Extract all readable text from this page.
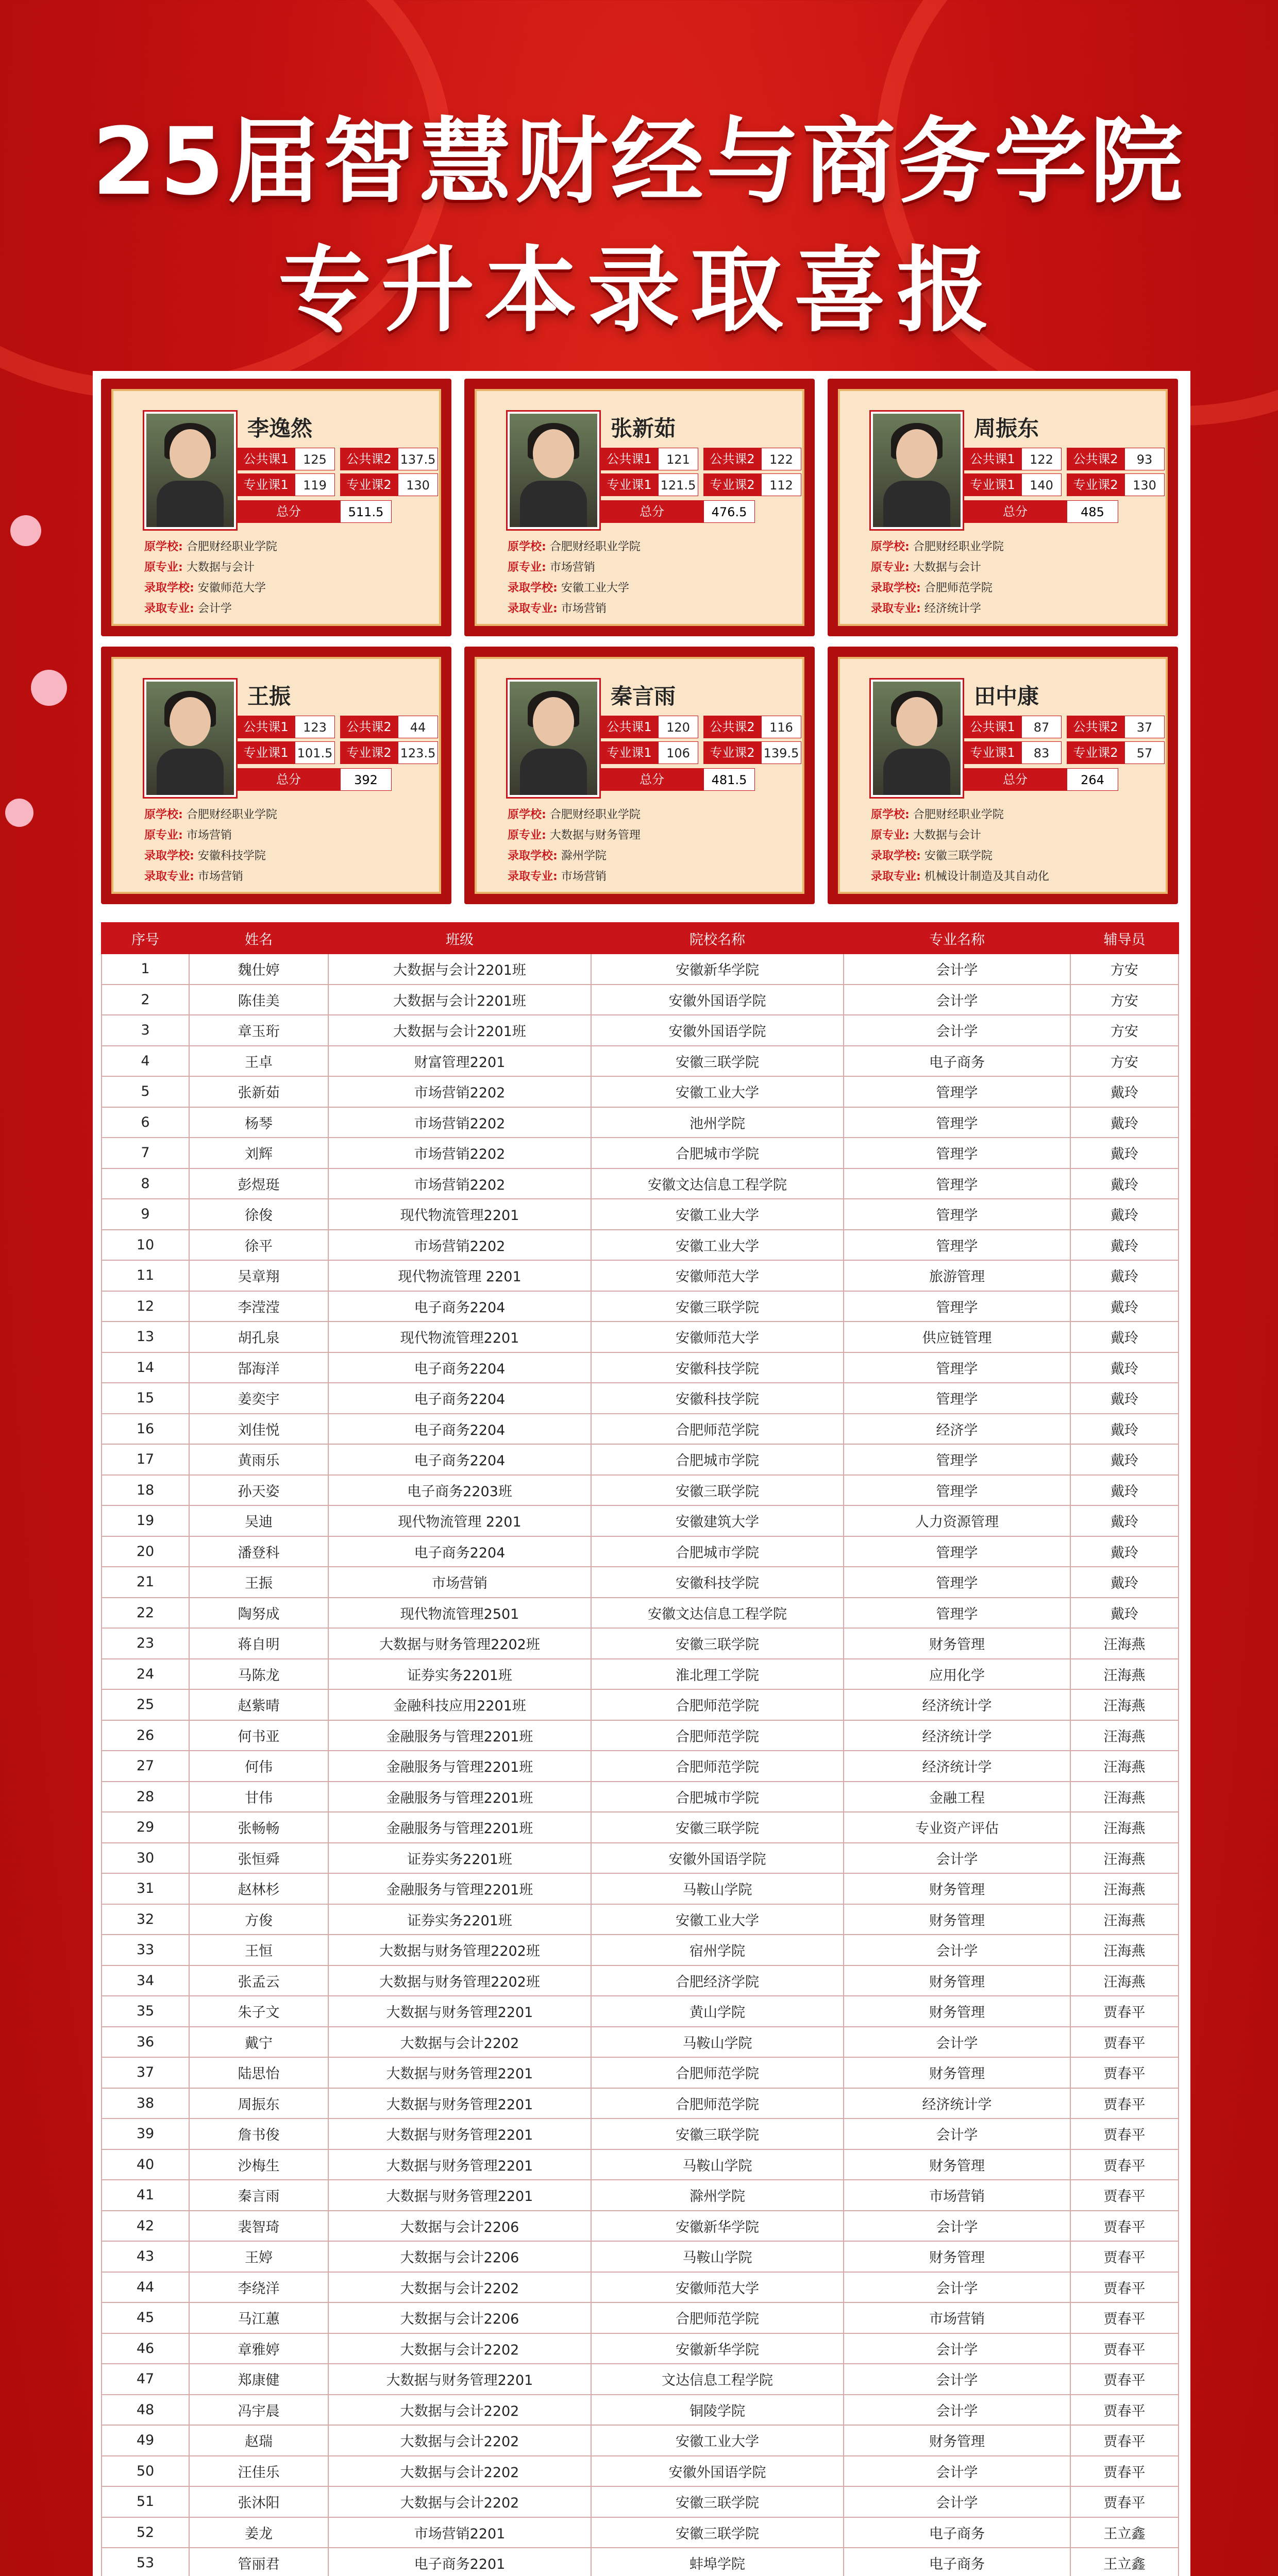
25届智慧财经与商务学院
专升本录取喜报
李逸然
公共课1	125	公共课2 137.5
专业课1	119	专业课2	130
总分	511.5
原学校: 合肥财经职业学院
原专业: 大数据与会计
录取学校: 安徽师范大学
录取专业: 会计学
张新茹
公共课1	121	公共课2	122
专业课1 121.5	专业课2	112
总分	476.5
原学校: 合肥财经职业学院
原专业: 市场营销
录取学校: 安徽工业大学
录取专业: 市场营销
周振东
公共课1	122	公共课2	93
专业课1	140	专业课2	130
总分	485
原学校: 合肥财经职业学院
原专业: 大数据与会计
录取学校: 合肥师范学院
录取专业: 经济统计学
王振
公共课1	123	公共课2	44
专业课1 101.5	专业课2 123.5
总分	392
原学校: 合肥财经职业学院
原专业: 市场营销
录取学校: 安徽科技学院
录取专业: 市场营销
秦言雨
公共课1	120	公共课2	116
专业课1	106	专业课2 139.5
总分	481.5
原学校: 合肥财经职业学院
原专业: 大数据与财务管理
录取学校: 滁州学院
录取专业: 市场营销
田中康
公共课1	87	公共课2	37
专业课1	83	专业课2	57
总分	264
原学校: 合肥财经职业学院
原专业: 大数据与会计
录取学校: 安徽三联学院
录取专业: 机械设计制造及其自动化
序号	姓名	班级	院校名称	专业名称	辅导员
1	魏仕婷	大数据与会计2201班	安徽新华学院	会计学	方安
2	陈佳美	大数据与会计2201班	安徽外国语学院	会计学	方安
3	章玉珩	大数据与会计2201班	安徽外国语学院	会计学	方安
4	王卓	财富管理2201	安徽三联学院	电子商务	方安
5	张新茹	市场营销2202	安徽工业大学	管理学	戴玲
6	杨琴	市场营销2202	池州学院	管理学	戴玲
7	刘辉	市场营销2202	合肥城市学院	管理学	戴玲
8	彭煜珽	市场营销2202	安徽文达信息工程学院	管理学	戴玲
9	徐俊	现代物流管理2201	安徽工业大学	管理学	戴玲
10	徐平	市场营销2202	安徽工业大学	管理学	戴玲
11	吴章翔	现代物流管理 2201	安徽师范大学	旅游管理	戴玲
12	李滢滢	电子商务2204	安徽三联学院	管理学	戴玲
13	胡孔泉	现代物流管理2201	安徽师范大学	供应链管理	戴玲
14	郜海洋	电子商务2204	安徽科技学院	管理学	戴玲
15	姜奕宇	电子商务2204	安徽科技学院	管理学	戴玲
16	刘佳悦	电子商务2204	合肥师范学院	经济学	戴玲
17	黄雨乐	电子商务2204	合肥城市学院	管理学	戴玲
18	孙天姿	电子商务2203班	安徽三联学院	管理学	戴玲
19	吴迪	现代物流管理 2201	安徽建筑大学	人力资源管理	戴玲
20	潘登科	电子商务2204	合肥城市学院	管理学	戴玲
21	王振	市场营销	安徽科技学院	管理学	戴玲
22	陶努成	现代物流管理2501	安徽文达信息工程学院	管理学	戴玲
23	蒋自明	大数据与财务管理2202班	安徽三联学院	财务管理	汪海燕
24	马陈龙	证券实务2201班	淮北理工学院	应用化学	汪海燕
25	赵紫晴	金融科技应用2201班	合肥师范学院	经济统计学	汪海燕
26	何书亚	金融服务与管理2201班	合肥师范学院	经济统计学	汪海燕
27	何伟	金融服务与管理2201班	合肥师范学院	经济统计学	汪海燕
28	甘伟	金融服务与管理2201班	合肥城市学院	金融工程	汪海燕
29	张畅畅	金融服务与管理2201班	安徽三联学院	专业资产评估	汪海燕
30	张恒舜	证券实务2201班	安徽外国语学院	会计学	汪海燕
31	赵林杉	金融服务与管理2201班	马鞍山学院	财务管理	汪海燕
32	方俊	证券实务2201班	安徽工业大学	财务管理	汪海燕
33	王恒	大数据与财务管理2202班	宿州学院	会计学	汪海燕
34	张孟云	大数据与财务管理2202班	合肥经济学院	财务管理	汪海燕
35	朱子文	大数据与财务管理2201	黄山学院	财务管理	贾春平
36	戴宁	大数据与会计2202	马鞍山学院	会计学	贾春平
37	陆思怡	大数据与财务管理2201	合肥师范学院	财务管理	贾春平
38	周振东	大数据与财务管理2201	合肥师范学院	经济统计学	贾春平
39	詹书俊	大数据与财务管理2201	安徽三联学院	会计学	贾春平
40	沙梅生	大数据与财务管理2201	马鞍山学院	财务管理	贾春平
41	秦言雨	大数据与财务管理2201	滁州学院	市场营销	贾春平
42	裴智琦	大数据与会计2206	安徽新华学院	会计学	贾春平
43	王婷	大数据与会计2206	马鞍山学院	财务管理	贾春平
44	李绕洋	大数据与会计2202	安徽师范大学	会计学	贾春平
45	马江蕙	大数据与会计2206	合肥师范学院	市场营销	贾春平
46	章雅婷	大数据与会计2202	安徽新华学院	会计学	贾春平
47	郑康健	大数据与财务管理2201	文达信息工程学院	会计学	贾春平
48	冯宇晨	大数据与会计2202	铜陵学院	会计学	贾春平
49	赵瑞	大数据与会计2202	安徽工业大学	财务管理	贾春平
50	汪佳乐	大数据与会计2202	安徽外国语学院	会计学	贾春平
51	张沐阳	大数据与会计2202	安徽三联学院	会计学	贾春平
52	姜龙	市场营销2201	安徽三联学院	电子商务	王立鑫
53	管丽君	电子商务2201	蚌埠学院	电子商务	王立鑫
